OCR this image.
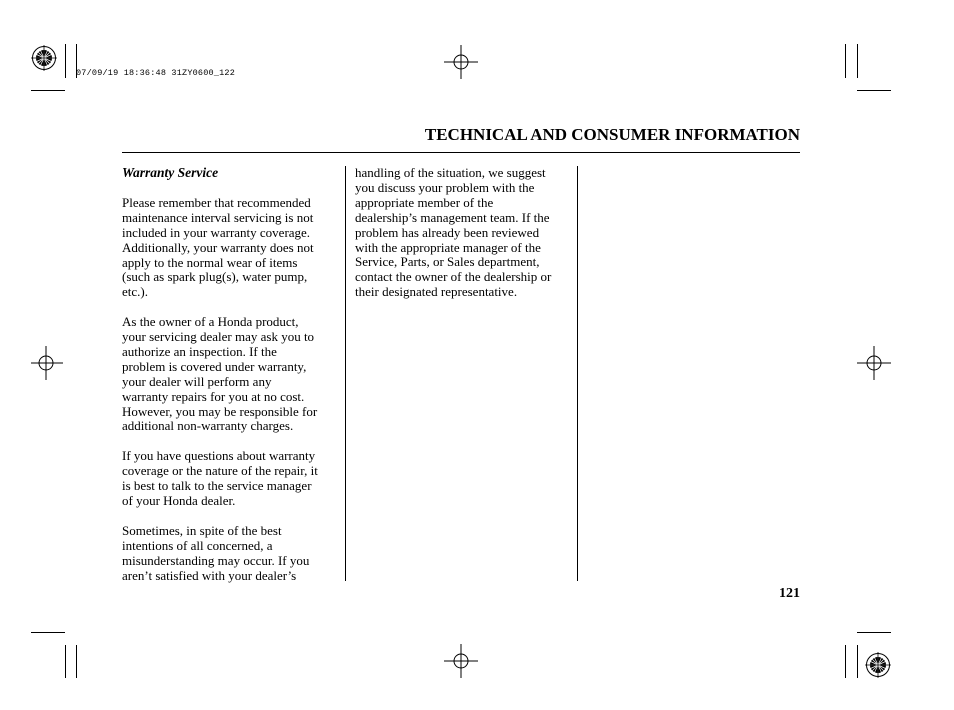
07/09/19 18:36:48 31ZY0600_122
TECHNICAL AND CONSUMER INFORMATION
Warranty Service

Please remember that recommended
maintenance interval servicing is not
included in your warranty coverage.
Additionally, your warranty does not
apply to the normal wear of items
(such as spark plug(s), water pump,
etc.).

As the owner of a Honda product,
your servicing dealer may ask you to
authorize an inspection. If the
problem is covered under warranty,
your dealer will perform any
warranty repairs for you at no cost.
However, you may be responsible for
additional non-warranty charges.

If you have questions about warranty
coverage or the nature of the repair, it
is best to talk to the service manager
of your Honda dealer.

Sometimes, in spite of the best
intentions of all concerned, a
misunderstanding may occur. If you
aren’t satisfied with your dealer’s

handling of the situation, we suggest
you discuss your problem with the
appropriate member of the
dealership’s management team. If the
problem has already been reviewed
with the appropriate manager of the
Service, Parts, or Sales department,
contact the owner of the dealership or
their designated representative.

121
